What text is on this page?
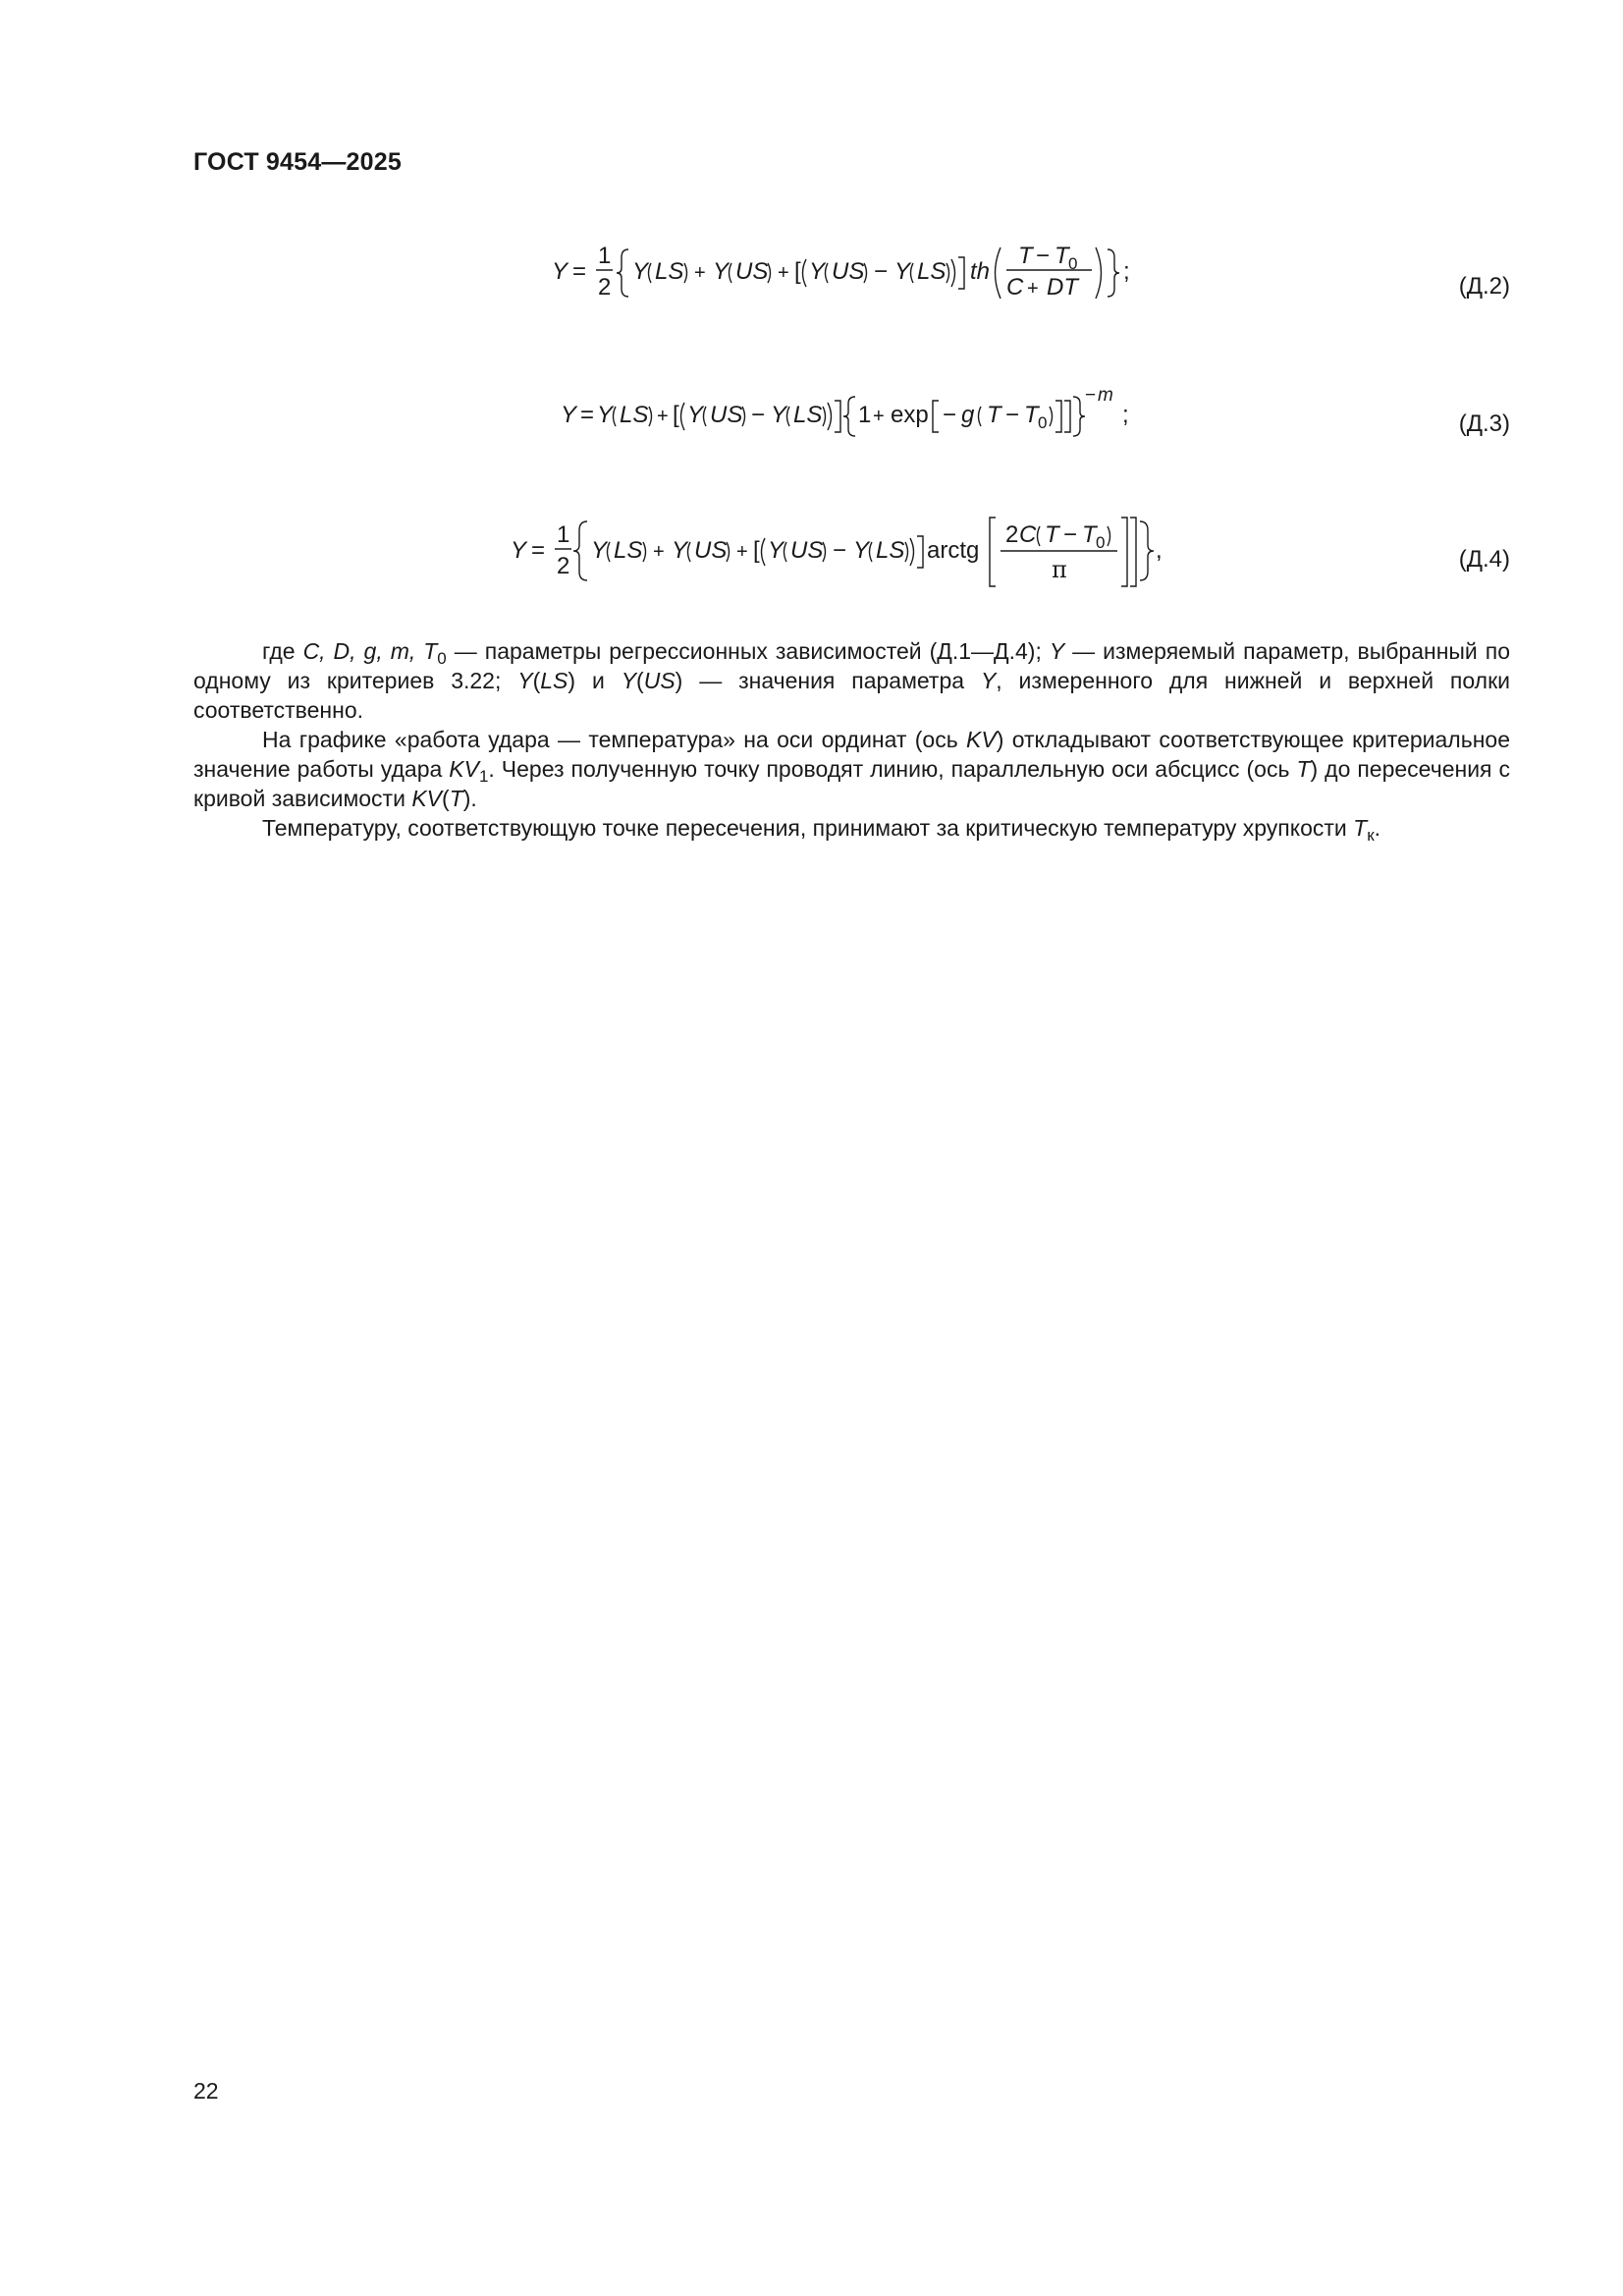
ГОСТ 9454—2025
Y =
1
2
Y LS + Y US + [ Y US − Y LS th
T − T 0
C + DT
;
(Д.2)
Y = Y LS + [ Y US − Y LS 1 + exp − g T − T 0
− m
;	(Д.3)
Y =
1
2
Y LS + Y US + [ Y US − Y LS arctg
2 C T − T 0
π
,	(Д.4)

где C, D, g, m, $T_0$ — параметры регрессионных зависимостей (Д.1—Д.4); Y — измеряемый параметр, выбранный по одному из критериев 3.22; Y(LS) и Y(US) — значения параметра Y, измеренного для нижней и верхней полки соответственно.

На графике «работа удара — температура» на оси ординат (ось KV) откладывают соответствующее критериальное значение работы удара $KV_1$. Через полученную точку проводят линию, параллельную оси абсцисс (ось T) до пересечения с кривой зависимости KV(T).

Температуру, соответствующую точке пересечения, принимают за критическую температуру хрупкости $T_к$.

22
